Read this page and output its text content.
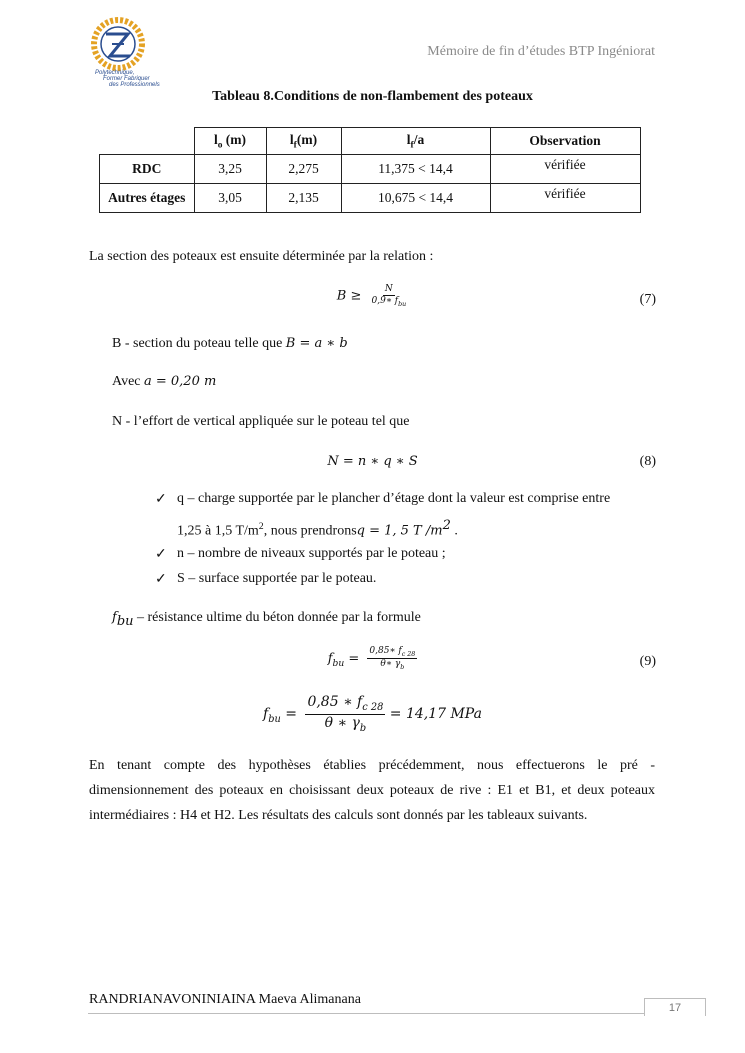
Polytechnique,
Former Fabriquer
des Professionnels
Mémoire de fin d’études BTP Ingéniorat
Tableau 8.Conditions de non-flambement des poteaux
	$l_o$ (m)	$l_f(m)$	$l_f/a$	Observation
RDC	3,25	2,275	11,375 < 14,4	vérifiée
Autres étages	3,05	2,135	10,675 < 14,4	vérifiée
La section des poteaux est ensuite déterminée par la relation :
$B \ge \frac{N}{0,9∗ f_{bu}}$	(7)
B - section du poteau telle que B = a ∗ b
Avec a = 0,20 m
N - l’effort de vertical appliquée sur le poteau tel que
N = n ∗ q ∗ S	(8)
✓ q – charge supportée par le plancher d’étage dont la valeur est comprise entre
1,25 à 1,5 $T/m^2$, nous prendronsq = 1, 5 T $/m^2$ .
✓ n – nombre de niveaux supportés par le poteau ;
✓ S – surface supportée par le poteau.
$f_{bu}$ – résistance ultime du béton donnée par la formule
$f_{bu} = \frac{0,85∗ f_{c 28}}{\theta∗ \gamma_b}$	(9)
$f_{bu} = \frac{0,85 ∗ f_{c 28}}{\theta ∗ \gamma_b} = 14,17$ MPa
En tenant compte des hypothèses établies précédemment, nous effectuerons le pré - dimensionnement des poteaux en choisissant deux poteaux de rive : E1 et B1, et deux poteaux intermédiaires : H4 et H2. Les résultats des calculs sont donnés par les tableaux suivants.
RANDRIANAVONINIAINA Maeva Alimanana
17
